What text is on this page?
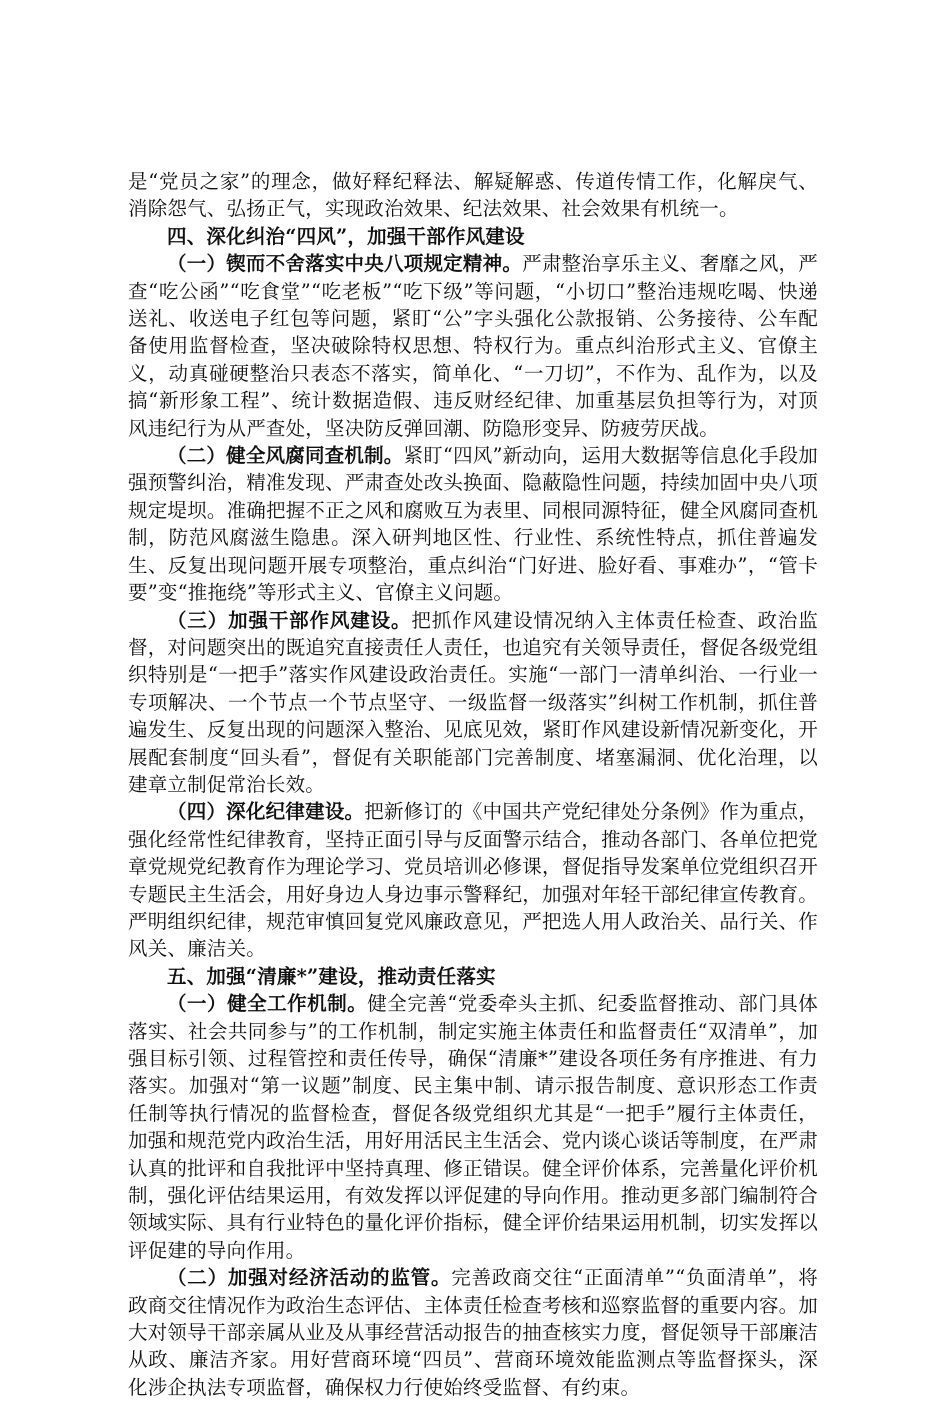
是“党员之家”的理念，做好释纪释法、解疑解惑、传道传情工作，化解戾气、消除怨气、弘扬正气，实现政治效果、纪法效果、社会效果有机统一。

四、深化纠治“四风”，加强干部作风建设

（一）锲而不舍落实中央八项规定精神。严肃整治享乐主义、奢靡之风，严查“吃公函”“吃食堂”“吃老板”“吃下级”等问题，“小切口”整治违规吃喝、快递送礼、收送电子红包等问题，紧盯“公”字头强化公款报销、公务接待、公车配备使用监督检查，坚决破除特权思想、特权行为。重点纠治形式主义、官僚主义，动真碰硬整治只表态不落实，简单化、“一刀切”，不作为、乱作为，以及搞“新形象工程”、统计数据造假、违反财经纪律、加重基层负担等行为，对顶风违纪行为从严查处，坚决防反弹回潮、防隐形变异、防疲劳厌战。

（二）健全风腐同查机制。紧盯“四风”新动向，运用大数据等信息化手段加强预警纠治，精准发现、严肃查处改头换面、隐蔽隐性问题，持续加固中央八项规定堤坝。准确把握不正之风和腐败互为表里、同根同源特征，健全风腐同查机制，防范风腐滋生隐患。深入研判地区性、行业性、系统性特点，抓住普遍发生、反复出现问题开展专项整治，重点纠治“门好进、脸好看、事难办”，“管卡要”变“推拖绕”等形式主义、官僚主义问题。

（三）加强干部作风建设。把抓作风建设情况纳入主体责任检查、政治监督，对问题突出的既追究直接责任人责任，也追究有关领导责任，督促各级党组织特别是“一把手”落实作风建设政治责任。实施“一部门一清单纠治、一行业一专项解决、一个节点一个节点坚守、一级监督一级落实”纠树工作机制，抓住普遍发生、反复出现的问题深入整治、见底见效，紧盯作风建设新情况新变化，开展配套制度“回头看”，督促有关职能部门完善制度、堵塞漏洞、优化治理，以建章立制促常治长效。

（四）深化纪律建设。把新修订的《中国共产党纪律处分条例》作为重点，强化经常性纪律教育，坚持正面引导与反面警示结合，推动各部门、各单位把党章党规党纪教育作为理论学习、党员培训必修课，督促指导发案单位党组织召开专题民主生活会，用好身边人身边事示警释纪，加强对年轻干部纪律宣传教育。严明组织纪律，规范审慎回复党风廉政意见，严把选人用人政治关、品行关、作风关、廉洁关。

五、加强“清廉*”建设，推动责任落实

（一）健全工作机制。健全完善“党委牵头主抓、纪委监督推动、部门具体落实、社会共同参与”的工作机制，制定实施主体责任和监督责任“双清单”，加强目标引领、过程管控和责任传导，确保“清廉*”建设各项任务有序推进、有力落实。加强对“第一议题”制度、民主集中制、请示报告制度、意识形态工作责任制等执行情况的监督检查，督促各级党组织尤其是“一把手”履行主体责任，加强和规范党内政治生活，用好用活民主生活会、党内谈心谈话等制度，在严肃认真的批评和自我批评中坚持真理、修正错误。健全评价体系，完善量化评价机制，强化评估结果运用，有效发挥以评促建的导向作用。推动更多部门编制符合领域实际、具有行业特色的量化评价指标，健全评价结果运用机制，切实发挥以评促建的导向作用。

（二）加强对经济活动的监管。完善政商交往“正面清单”“负面清单”，将政商交往情况作为政治生态评估、主体责任检查考核和巡察监督的重要内容。加大对领导干部亲属从业及从事经营活动报告的抽查核实力度，督促领导干部廉洁从政、廉洁齐家。用好营商环境“四员”、营商环境效能监测点等监督探头，深化涉企执法专项监督，确保权力行使始终受监督、有约束。
